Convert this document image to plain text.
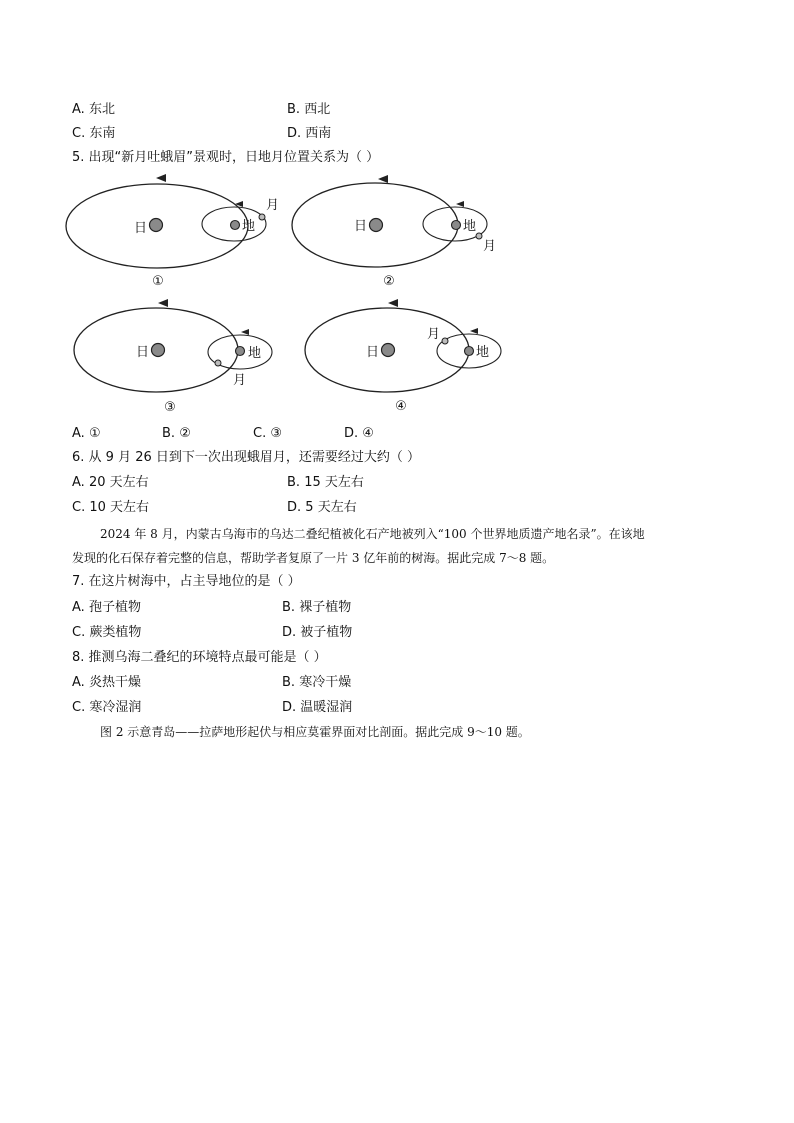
A. 东北	B. 西北
C. 东南	D. 西南
5. 出现“新月吐蛾眉”景观时，日地月位置关系为（ ）
日	地
月
①
日	地
月
②
日	地
月
③
日	地
月
④
A. ①	B. ②	C. ③	D. ④
6. 从 9 月 26 日到下一次出现蛾眉月，还需要经过大约（ ）
A. 20 天左右	B. 15 天左右
C. 10 天左右	D. 5 天左右
2024 年 8 月，内蒙古乌海市的乌达二叠纪植被化石产地被列入“100 个世界地质遗产地名录”。在该地
发现的化石保存着完整的信息，帮助学者复原了一片 3 亿年前的树海。据此完成 7～8 题。
7. 在这片树海中，占主导地位的是（ ）
A. 孢子植物	B. 裸子植物
C. 蕨类植物	D. 被子植物
8. 推测乌海二叠纪的环境特点最可能是（ ）
A. 炎热干燥	B. 寒冷干燥
C. 寒冷湿润	D. 温暖湿润
图 2 示意青岛——拉萨地形起伏与相应莫霍界面对比剖面。据此完成 9～10 题。
